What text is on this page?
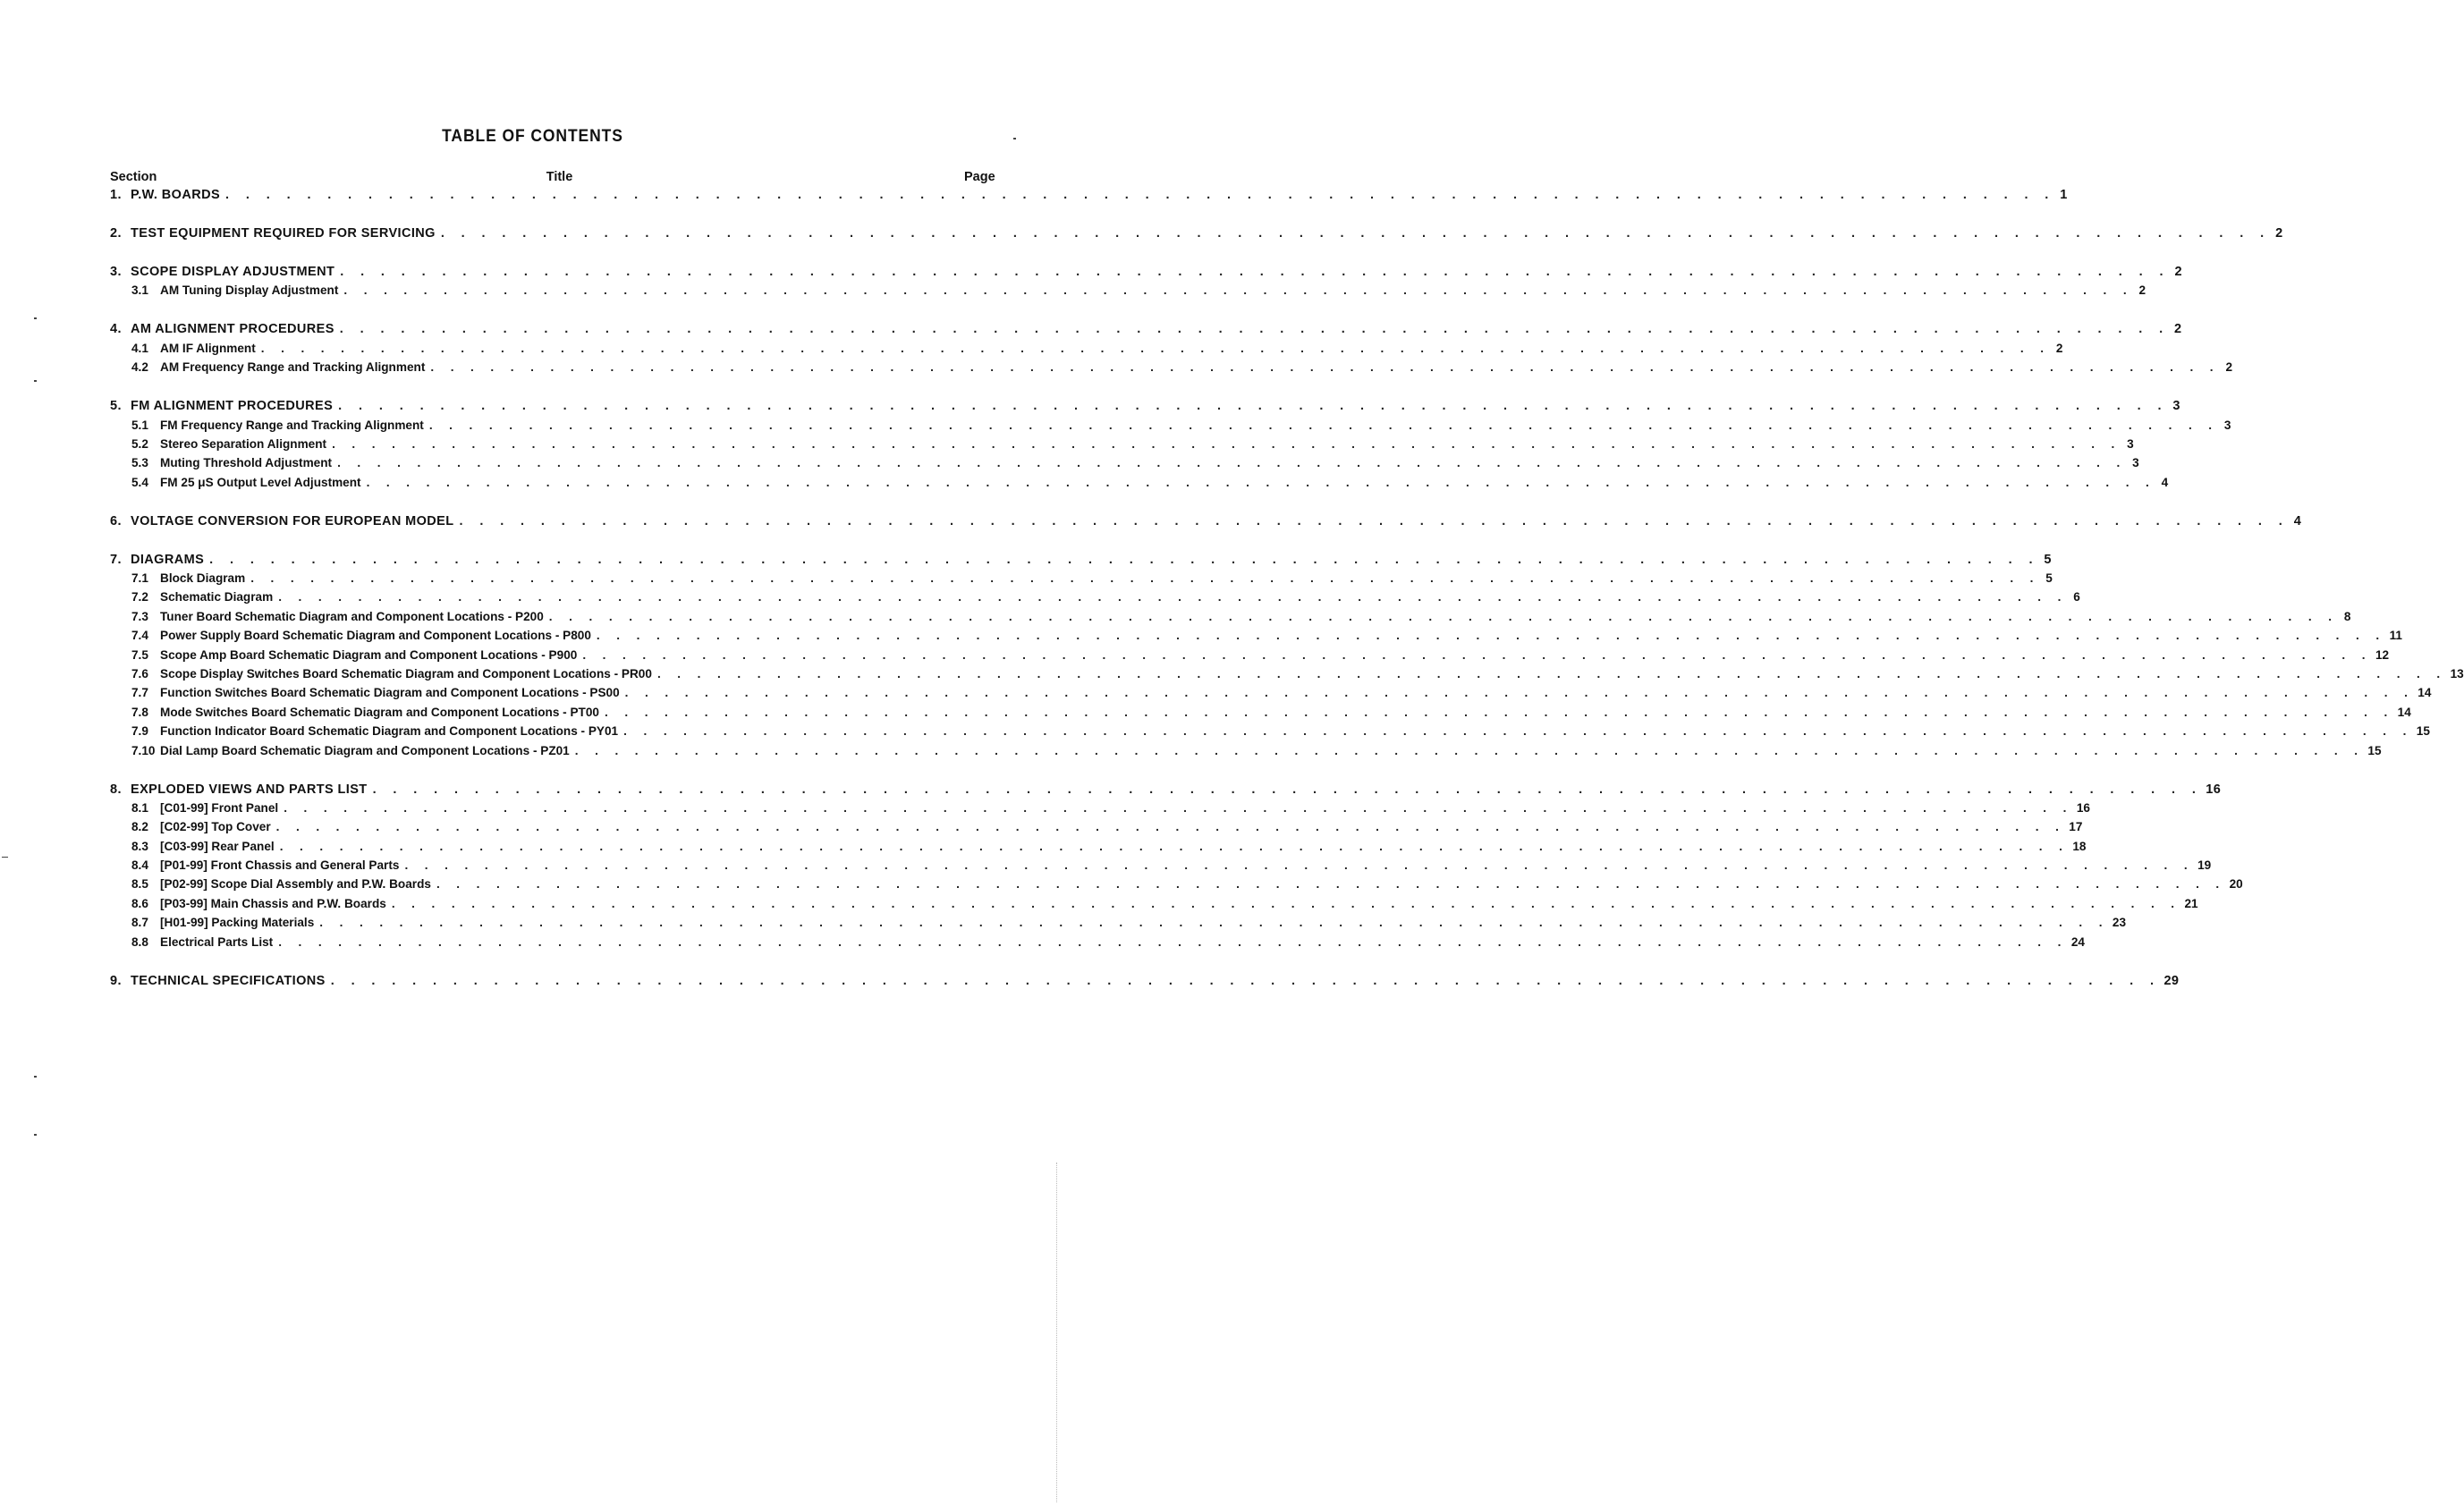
TABLE OF CONTENTS
Section	Title	Page
1. P.W. BOARDS . . . . . . . . . . . . . . . . . . . . . . . . . . . . . . . . . . . . . . . . . . . . . . . . . . . . . . . . . . . . . . . . . . . . . . . . . . . . . . . . . . . . . . . . . . 1
2. TEST EQUIPMENT REQUIRED FOR SERVICING . . . . . . . . . . . . . . . . . . . . . . . . . . . . . . . . . . . . . . . . . . . . . . . . . . . . . . . . . . . . . . . . . . . . . . . . . . . . . . . . . . . . . . . . . . 2
3. SCOPE DISPLAY ADJUSTMENT . . . . . . . . . . . . . . . . . . . . . . . . . . . . . . . . . . . . . . . . . . . . . . . . . . . . . . . . . . . . . . . . . . . . . . . . . . . . . . . . . . . . . . . . . . 2
3.1 AM Tuning Display Adjustment . . . . . . . . . . . . . . . . . . . . . . . . . . . . . . . . . . . . . . . . . . . . . . . . . . . . . . . . . . . . . . . . . . . . . . . . . . . . . . . . . . . . . . . . . . 2
4. AM ALIGNMENT PROCEDURES . . . . . . . . . . . . . . . . . . . . . . . . . . . . . . . . . . . . . . . . . . . . . . . . . . . . . . . . . . . . . . . . . . . . . . . . . . . . . . . . . . . . . . . . . . 2
4.1 AM IF Alignment . . . . . . . . . . . . . . . . . . . . . . . . . . . . . . . . . . . . . . . . . . . . . . . . . . . . . . . . . . . . . . . . . . . . . . . . . . . . . . . . . . . . . . . . . . 2
4.2 AM Frequency Range and Tracking Alignment . . . . . . . . . . . . . . . . . . . . . . . . . . . . . . . . . . . . . . . . . . . . . . . . . . . . . . . . . . . . . . . . . . . . . . . . . . . . . . . . . . . . . . . . . . 2
5. FM ALIGNMENT PROCEDURES . . . . . . . . . . . . . . . . . . . . . . . . . . . . . . . . . . . . . . . . . . . . . . . . . . . . . . . . . . . . . . . . . . . . . . . . . . . . . . . . . . . . . . . . . . 3
5.1 FM Frequency Range and Tracking Alignment . . . . . . . . . . . . . . . . . . . . . . . . . . . . . . . . . . . . . . . . . . . . . . . . . . . . . . . . . . . . . . . . . . . . . . . . . . . . . . . . . . . . . . . . . . 3
5.2 Stereo Separation Alignment . . . . . . . . . . . . . . . . . . . . . . . . . . . . . . . . . . . . . . . . . . . . . . . . . . . . . . . . . . . . . . . . . . . . . . . . . . . . . . . . . . . . . . . . . . 3
5.3 Muting Threshold Adjustment . . . . . . . . . . . . . . . . . . . . . . . . . . . . . . . . . . . . . . . . . . . . . . . . . . . . . . . . . . . . . . . . . . . . . . . . . . . . . . . . . . . . . . . . . . 3
5.4 FM 25 μS Output Level Adjustment . . . . . . . . . . . . . . . . . . . . . . . . . . . . . . . . . . . . . . . . . . . . . . . . . . . . . . . . . . . . . . . . . . . . . . . . . . . . . . . . . . . . . . . . . . 4
6. VOLTAGE CONVERSION FOR EUROPEAN MODEL . . . . . . . . . . . . . . . . . . . . . . . . . . . . . . . . . . . . . . . . . . . . . . . . . . . . . . . . . . . . . . . . . . . . . . . . . . . . . . . . . . . . . . . . . . 4
7. DIAGRAMS . . . . . . . . . . . . . . . . . . . . . . . . . . . . . . . . . . . . . . . . . . . . . . . . . . . . . . . . . . . . . . . . . . . . . . . . . . . . . . . . . . . . . . . . . . 5
7.1 Block Diagram . . . . . . . . . . . . . . . . . . . . . . . . . . . . . . . . . . . . . . . . . . . . . . . . . . . . . . . . . . . . . . . . . . . . . . . . . . . . . . . . . . . . . . . . . . 5
7.2 Schematic Diagram . . . . . . . . . . . . . . . . . . . . . . . . . . . . . . . . . . . . . . . . . . . . . . . . . . . . . . . . . . . . . . . . . . . . . . . . . . . . . . . . . . . . . . . . . . 6
7.3 Tuner Board Schematic Diagram and Component Locations - P200 . . . . . . . . . . . . . . . . . . . . . . . . . . . . . . . . . . . . . . . . . . . . . . . . . . . . . . . . . . . . . . . . . . . . . . . . . . . . . . . . . . . . . . . . . . 8
7.4 Power Supply Board Schematic Diagram and Component Locations - P800 . . . . . . . . . . . . . . . . . . . . . . . . . . . . . . . . . . . . . . . . . . . . . . . . . . . . . . . . . . . . . . . . . . . . . . . . . . . . . . . . . . . . . . . . . . 11
7.5 Scope Amp Board Schematic Diagram and Component Locations - P900 . . . . . . . . . . . . . . . . . . . . . . . . . . . . . . . . . . . . . . . . . . . . . . . . . . . . . . . . . . . . . . . . . . . . . . . . . . . . . . . . . . . . . . . . . . 12
7.6 Scope Display Switches Board Schematic Diagram and Component Locations - PR00 . . . . . . . . . . . . . . . . . . . . . . . . . . . . . . . . . . . . . . . . . . . . . . . . . . . . . . . . . . . . . . . . . . . . . . . . . . . . . . . . . . . . . . . . . . 13
7.7 Function Switches Board Schematic Diagram and Component Locations - PS00 . . . . . . . . . . . . . . . . . . . . . . . . . . . . . . . . . . . . . . . . . . . . . . . . . . . . . . . . . . . . . . . . . . . . . . . . . . . . . . . . . . . . . . . . . . 14
7.8 Mode Switches Board Schematic Diagram and Component Locations - PT00 . . . . . . . . . . . . . . . . . . . . . . . . . . . . . . . . . . . . . . . . . . . . . . . . . . . . . . . . . . . . . . . . . . . . . . . . . . . . . . . . . . . . . . . . . . 14
7.9 Function Indicator Board Schematic Diagram and Component Locations - PY01 . . . . . . . . . . . . . . . . . . . . . . . . . . . . . . . . . . . . . . . . . . . . . . . . . . . . . . . . . . . . . . . . . . . . . . . . . . . . . . . . . . . . . . . . . . 15
7.10 Dial Lamp Board Schematic Diagram and Component Locations - PZ01 . . . . . . . . . . . . . . . . . . . . . . . . . . . . . . . . . . . . . . . . . . . . . . . . . . . . . . . . . . . . . . . . . . . . . . . . . . . . . . . . . . . . . . . . . . 15
8. EXPLODED VIEWS AND PARTS LIST . . . . . . . . . . . . . . . . . . . . . . . . . . . . . . . . . . . . . . . . . . . . . . . . . . . . . . . . . . . . . . . . . . . . . . . . . . . . . . . . . . . . . . . . . . 16
8.1 [C01-99] Front Panel . . . . . . . . . . . . . . . . . . . . . . . . . . . . . . . . . . . . . . . . . . . . . . . . . . . . . . . . . . . . . . . . . . . . . . . . . . . . . . . . . . . . . . . . . . 16
8.2 [C02-99] Top Cover . . . . . . . . . . . . . . . . . . . . . . . . . . . . . . . . . . . . . . . . . . . . . . . . . . . . . . . . . . . . . . . . . . . . . . . . . . . . . . . . . . . . . . . . . . 17
8.3 [C03-99] Rear Panel . . . . . . . . . . . . . . . . . . . . . . . . . . . . . . . . . . . . . . . . . . . . . . . . . . . . . . . . . . . . . . . . . . . . . . . . . . . . . . . . . . . . . . . . . . 18
8.4 [P01-99] Front Chassis and General Parts . . . . . . . . . . . . . . . . . . . . . . . . . . . . . . . . . . . . . . . . . . . . . . . . . . . . . . . . . . . . . . . . . . . . . . . . . . . . . . . . . . . . . . . . . . 19
8.5 [P02-99] Scope Dial Assembly and P.W. Boards . . . . . . . . . . . . . . . . . . . . . . . . . . . . . . . . . . . . . . . . . . . . . . . . . . . . . . . . . . . . . . . . . . . . . . . . . . . . . . . . . . . . . . . . . . 20
8.6 [P03-99] Main Chassis and P.W. Boards . . . . . . . . . . . . . . . . . . . . . . . . . . . . . . . . . . . . . . . . . . . . . . . . . . . . . . . . . . . . . . . . . . . . . . . . . . . . . . . . . . . . . . . . . . 21
8.7 [H01-99] Packing Materials . . . . . . . . . . . . . . . . . . . . . . . . . . . . . . . . . . . . . . . . . . . . . . . . . . . . . . . . . . . . . . . . . . . . . . . . . . . . . . . . . . . . . . . . . . 23
8.8 Electrical Parts List . . . . . . . . . . . . . . . . . . . . . . . . . . . . . . . . . . . . . . . . . . . . . . . . . . . . . . . . . . . . . . . . . . . . . . . . . . . . . . . . . . . . . . . . . . 24
9. TECHNICAL SPECIFICATIONS . . . . . . . . . . . . . . . . . . . . . . . . . . . . . . . . . . . . . . . . . . . . . . . . . . . . . . . . . . . . . . . . . . . . . . . . . . . . . . . . . . . . . . . . . . 29
